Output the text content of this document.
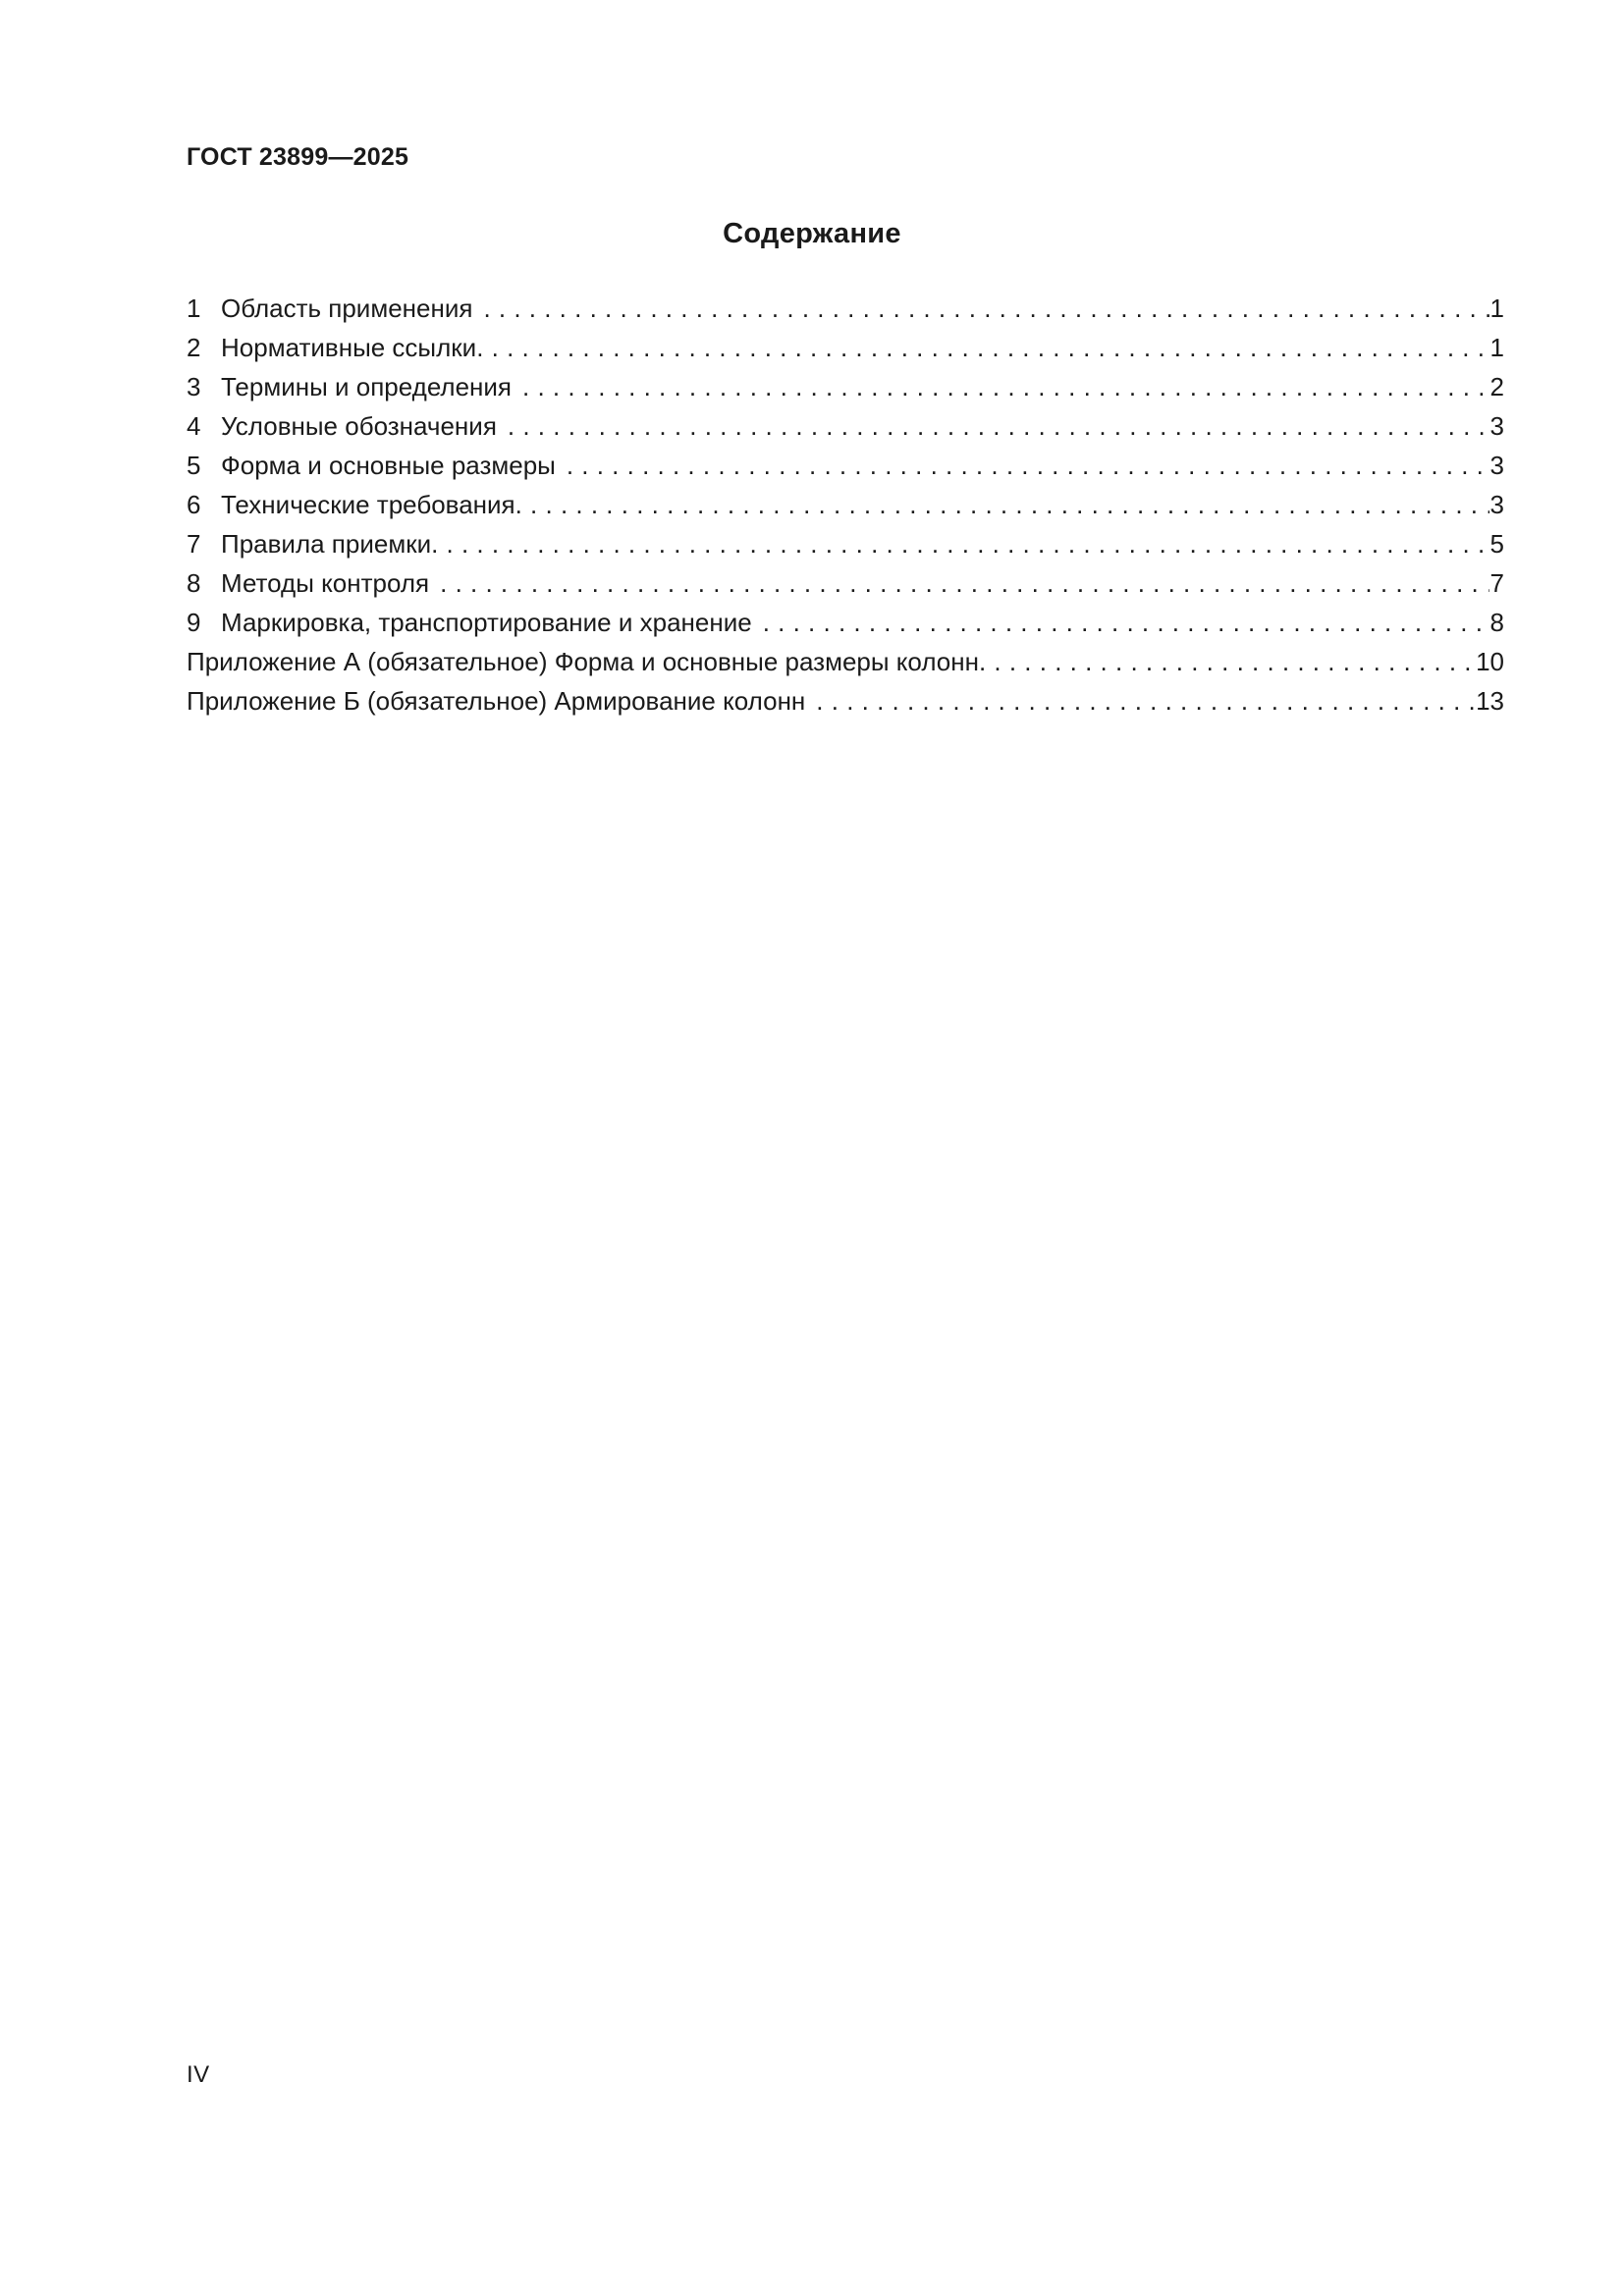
ГОСТ 23899—2025
Содержание
1 Область применения . . .	1
2 Нормативные ссылки . . .	1
3 Термины и определения . . .	2
4 Условные обозначения . . .	3
5 Форма и основные размеры . . .	3
6 Технические требования . . .	3
7 Правила приемки . . .	5
8 Методы контроля . . .	7
9 Маркировка, транспортирование и хранение . . .	8
Приложение А (обязательное) Форма и основные размеры колонн . . .	10
Приложение Б (обязательное) Армирование колонн . . .	13
IV
